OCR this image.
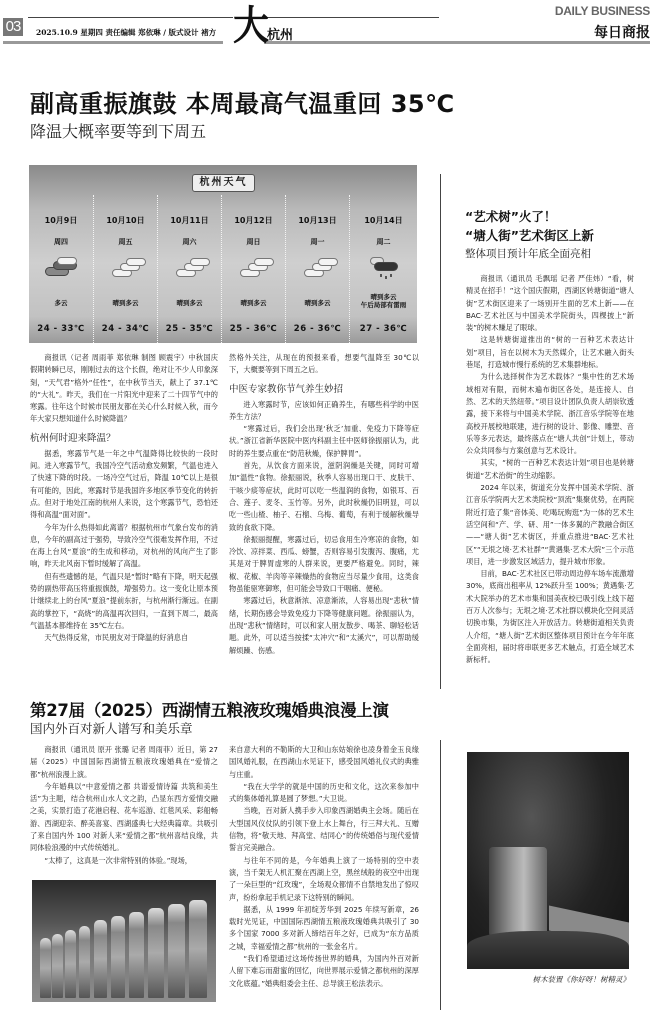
03	2025.10.9 星期四 责任编辑 郑依琳 / 版式设计 褚方 大
杭州
DAILY BUSINESS
每日商报
副高重振旗鼓 本周最高气温重回 35℃
降温大概率要等到下周五
杭州天气
10月9日
周四
多云
24 - 33℃
10月10日
周五
晴到多云
24 - 34℃
10月11日
周六
晴到多云
25 - 35℃
10月12日
周日
晴到多云
25 - 36℃
10月13日
周一
晴到多云
26 - 36℃
10月14日
周二
晴到多云
午后局部有雷雨
27 - 36℃

商报讯（记者 周雨菲 郑依琳 制图 顾震宇）中秋国庆假期转瞬已尽，刚刚过去的这个长假，绝对让不少人印象深刻，“天气君”格外“任性”，在中秋节当天，献上了 37.1℃的“大礼”。昨天，我们在一片阳光中迎来了二十四节气中的寒露。往年这个时候市民朋友都在关心什么时候入秋，而今年大家只想知道什么时候降温？

杭州何时迎来降温？

据悉，寒露节气是一年之中气温降得比较快的一段时间。进入寒露节气，我国冷空气活动愈发频繁，气温也进入了快速下降的时段。一场冷空气过后，降温 10℃以上是很有可能的，因此，寒露时节是我国许多地区季节变化的转折点。但对于地处江南的杭州人来说，这个寒露节气，恐怕还得和高温“面对面”。

今年为什么热得如此离谱？根据杭州市气象台发布的消息，今年的副高过于强势，导致冷空气很难发挥作用，不过在海上台风“夏浪”的生成和移动，对杭州的风向产生了影响，昨天北风南下暂时缓解了高温。

但有些遗憾的是，气温只是“暂时”略有下降，明天起强势的副热带高压将重振旗鼓，增强势力。这一变化让原本预计继续北上的台风“夏浪”提前东折，与杭州渐行渐远。在副高的掌控下，“高烧”的高温再次回归，一直到下周二，最高气温基本都维持在 35℃左右。

天气热得反常，市民朋友对于降温的好消息自

然格外关注，从现在的预报来看，想要气温降至 30℃以下，大概要等到下周五之后。

中医专家教你节气养生妙招

进入寒露时节，应该如何正确养生，有哪些科学的中医养生方法？

“寒露过后，我们会出现‘秋乏’加重、免疫力下降等症状。”浙江省新华医院中医内科副主任中医师徐振丽认为，此时的养生要点重在“防范秋燥，保护脾胃”。

首先，从饮食方面来说，滋阴润燥是关键，同时可增加“温性”食物。徐振丽说，秋季人容易出现口干、皮肤干、干咳少痰等症状，此时可以吃一些温润的食物，如银耳、百合、莲子、麦冬、玉竹等。另外，此时秋燥仍旧明显，可以吃一些山楂、柚子、石榴、乌梅、葡萄，有利于缓解秋燥导致的食欲下降。

徐振丽提醒，寒露过后，切忌食用生冷寒凉的食物，如冷饮、凉拌菜、西瓜、螃蟹，否则容易引发腹泻、腹痛，尤其是对于脾胃虚寒的人群来说，更要严格避免。同时，辣椒、花椒、羊肉等辛辣燥热的食物应当尽量少食用，这类食物虽能驱寒御寒，但可能会导致口干咽痛、便秘。

寒露过后，秋意渐浓、凉意渐浓，人容易出现“悲秋”情绪，长期伤感会导致免疫力下降等健康问题。徐振丽认为，出现“悲秋”情绪时，可以和家人朋友散步、喝茶、聊轻松话题。此外，可以适当按揉“太冲穴”和“太溪穴”，可以帮助缓解烦躁、伤感。

第27届（2025）西湖情五粮液玫瑰婚典浪漫上演
国内外百对新人谱写和美乐章

商报讯（通讯员 原开 张璐 记者 周雨菲）近日，第 27 届（2025）中国国际西湖情五粮液玫瑰婚典在“爱情之都”杭州浪漫上演。

今年婚典以“中意爱情之都 共谱爱情诗篇 共筑和美生活”为主题，结合杭州山水人文之韵，凸显东西方爱情交融之美，实景打造了花港启程、花车巡游、红毯风采、彩船畅游、西湖迎亲、醉美喜宴、西湖盛典七大经典篇章。共吸引了来自国内外 100 对新人来“爱情之都”杭州喜结良缘，共同体验浪漫的中式传统婚礼。

“太棒了，这真是一次非常特别的体验。”现场，

来自意大利的不勒斯的大卫和山东姑娘徐也凌身着金玉良缘国风婚礼服，在西湖山水见证下，感受国风婚礼仪式的典雅与庄重。

“我在大学学的就是中国的历史和文化，这次来参加中式的集体婚礼算是圆了梦想。”大卫说。

当晚，百对新人携手步入印象西湖婚典主会场。随后在大型国风仪仗队的引领下登上水上舞台，行三拜大礼、互赠信物，将“敬天地、拜高堂、结同心”的传统婚俗与现代爱情誓言完美融合。

与往年不同的是，今年婚典上演了一场特别的空中表演，当千架无人机汇聚在西湖上空，黑丝绒般的夜空中出现了一朵巨型的“红玫瑰”，全场观众都情不自禁地发出了惊叹声，纷纷拿起手机记录下这特别的瞬间。

据悉，从 1999 年初绽芳华到 2025 年续写新章，26 载时光见证，中国国际西湖情五粮液玫瑰婚典共吸引了 30 多个国家 7000 多对新人缔结百年之好，已成为“东方品质之城，幸福爱情之都”杭州的一张金名片。

“我们希望通过这场传扬世界的婚典，为国内外百对新人留下难忘而甜蜜的回忆，向世界展示爱情之都杭州的深厚文化底蕴。”婚典组委会主任、总导演王松法表示。

“艺术树”火了！
“塘人街”艺术街区上新
整体项目预计年底全面亮相

商报讯（通讯员 毛飘瑶 记者 严佳炜）“看，树精灵在招手！”这个国庆假期，西湖区转塘街道“塘人街”艺术街区迎来了一场别开生面的艺术上新——在 BAC·艺术社区与中国美术学院街头，四棵披上“新装”的树木赚足了眼球。

这是转塘街道推出的“树的一百种艺术表达计划”项目，旨在以树木为天然媒介，让艺术融入街头巷尾，打造城市慢行系统的艺术集群地标。

为什么选择树作为艺术载体？“集中性的艺术场域相对有限，而树木遍布街区各处，是连接人、自然、艺术的天然纽带。”项目设计团队负责人胡崇钦透露，接下来将与中国美术学院、浙江音乐学院等在地高校开展校地联建，进行树的设计、影像、雕塑、音乐等多元表达，最终落点在“塘人共创”计划上，带动公众共同参与方案创意与艺术设计。

其实，“树的一百种艺术表达计划”项目也是转塘街道“艺术治街”的生动缩影。

2024 年以来，街道充分发挥中国美术学院、浙江音乐学院两大艺术类院校“顶流”集聚优势，在两院附近打造了集“音体美、吃喝玩购逛”为一体的艺术生活空间和“产、学、研、用”一体多翼的产教融合街区——“塘人街”艺术街区，并重点推进“BAC·艺术社区”“无垠之境·艺术社群”“黄遇集·艺术大院”三个示范项目，进一步激发区域活力，提升城市形象。

目前，BAC·艺术社区已带动周边停车场车流激增 30%，底商出租率从 12%跃升至 100%；黄遇集·艺术大院举办的艺术市集和国美夜校已吸引线上线下超百万人次参与；无垠之境·艺术社群以模块化空间灵活切换市集，为街区注入开放活力。转塘街道相关负责人介绍，“塘人街”艺术街区整体项目预计在今年年底全面亮相，届时将串联更多艺术触点，打造全域艺术新标杆。

树木装置《你好呀！树精灵》
